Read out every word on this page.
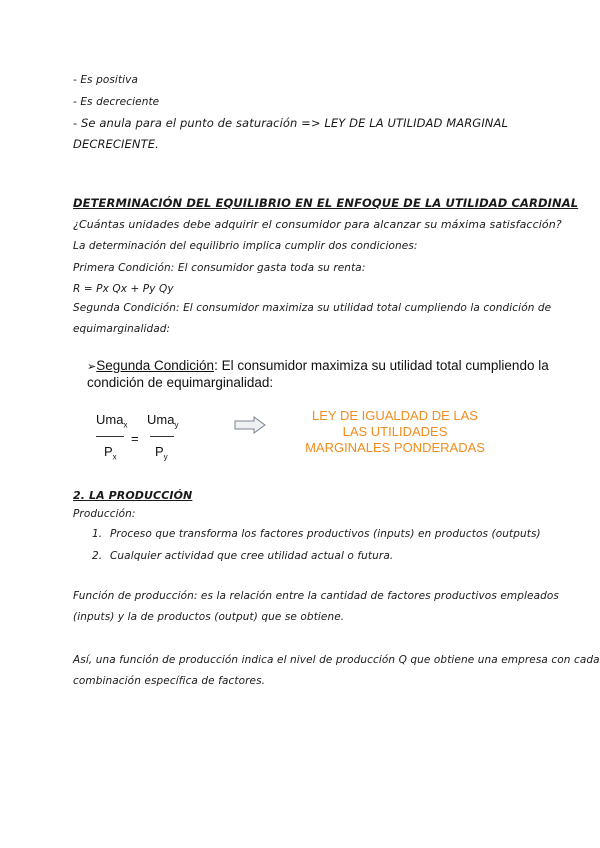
- Es positiva
- Es decreciente
- Se anula para el punto de saturación => LEY DE LA UTILIDAD MARGINAL
DECRECIENTE.
DETERMINACIÓN DEL EQUILIBRIO EN EL ENFOQUE DE LA UTILIDAD CARDINAL
¿Cuántas unidades debe adquirir el consumidor para alcanzar su máxima satisfacción?
La determinación del equilibrio implica cumplir dos condiciones:
Primera Condición: El consumidor gasta toda su renta:
R = Px Qx + Py Qy
Segunda Condición: El consumidor maximiza su utilidad total cumpliendo la condición de
equimarginalidad:
➢Segunda Condición: El consumidor maximiza su utilidad total cumpliendo la
condición de equimarginalidad:
Uma$_x$
$P_x$
=
Uma$_y$
$P_y$
LEY DE IGUALDAD DE LAS
LAS UTILIDADES
MARGINALES PONDERADAS
2. LA PRODUCCIÓN
Producción:
1. Proceso que transforma los factores productivos (inputs) en productos (outputs)
2. Cualquier actividad que cree utilidad actual o futura.
Función de producción: es la relación entre la cantidad de factores productivos empleados
(inputs) y la de productos (output) que se obtiene.
Así, una función de producción indica el nivel de producción Q que obtiene una empresa con cada
combinación específica de factores.
